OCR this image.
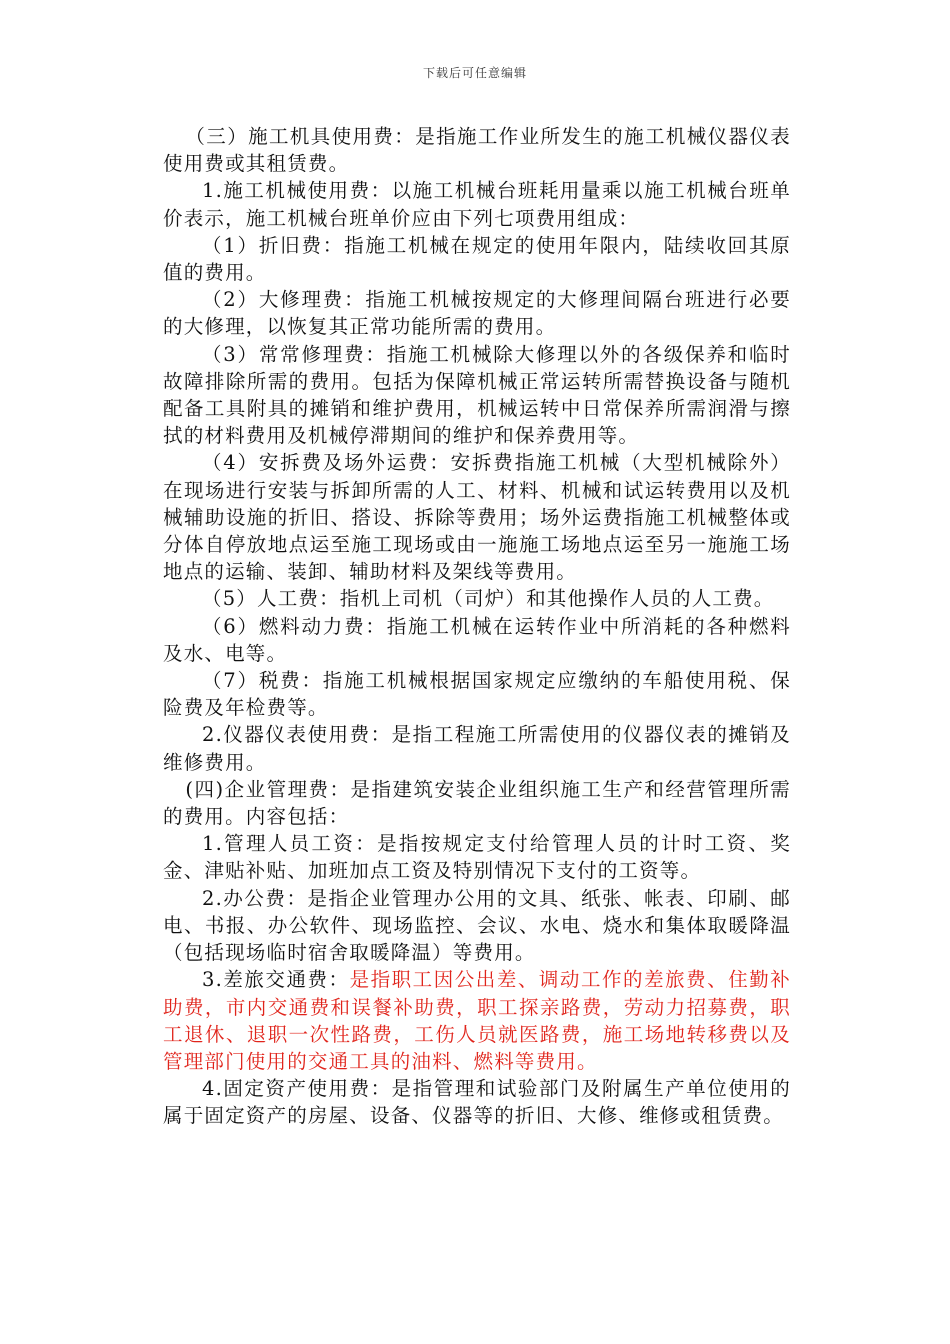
下载后可任意编辑

（三）施工机具使用费：是指施工作业所发生的施工机械仪器仪表使用费或其租赁费。

1.施工机械使用费：以施工机械台班耗用量乘以施工机械台班单价表示，施工机械台班单价应由下列七项费用组成：

（1）折旧费：指施工机械在规定的使用年限内，陆续收回其原值的费用。

（2）大修理费：指施工机械按规定的大修理间隔台班进行必要的大修理，以恢复其正常功能所需的费用。

（3）常常修理费：指施工机械除大修理以外的各级保养和临时故障排除所需的费用。包括为保障机械正常运转所需替换设备与随机配备工具附具的摊销和维护费用，机械运转中日常保养所需润滑与擦拭的材料费用及机械停滞期间的维护和保养费用等。

（4）安拆费及场外运费：安拆费指施工机械（大型机械除外）在现场进行安装与拆卸所需的人工、材料、机械和试运转费用以及机械辅助设施的折旧、搭设、拆除等费用；场外运费指施工机械整体或分体自停放地点运至施工现场或由一施施工场地点运至另一施施工场地点的运输、装卸、辅助材料及架线等费用。

（5）人工费：指机上司机（司炉）和其他操作人员的人工费。

（6）燃料动力费：指施工机械在运转作业中所消耗的各种燃料及水、电等。

（7）税费：指施工机械根据国家规定应缴纳的车船使用税、保险费及年检费等。

2.仪器仪表使用费：是指工程施工所需使用的仪器仪表的摊销及维修费用。

(四)企业管理费：是指建筑安装企业组织施工生产和经营管理所需的费用。内容包括：

1.管理人员工资：是指按规定支付给管理人员的计时工资、奖金、津贴补贴、加班加点工资及特别情况下支付的工资等。

2.办公费：是指企业管理办公用的文具、纸张、帐表、印刷、邮电、书报、办公软件、现场监控、会议、水电、烧水和集体取暖降温（包括现场临时宿舍取暖降温）等费用。

3.差旅交通费：是指职工因公出差、调动工作的差旅费、住勤补助费，市内交通费和误餐补助费，职工探亲路费，劳动力招募费，职工退休、退职一次性路费，工伤人员就医路费，施工场地转移费以及管理部门使用的交通工具的油料、燃料等费用。

4.固定资产使用费：是指管理和试验部门及附属生产单位使用的属于固定资产的房屋、设备、仪器等的折旧、大修、维修或租赁费。
